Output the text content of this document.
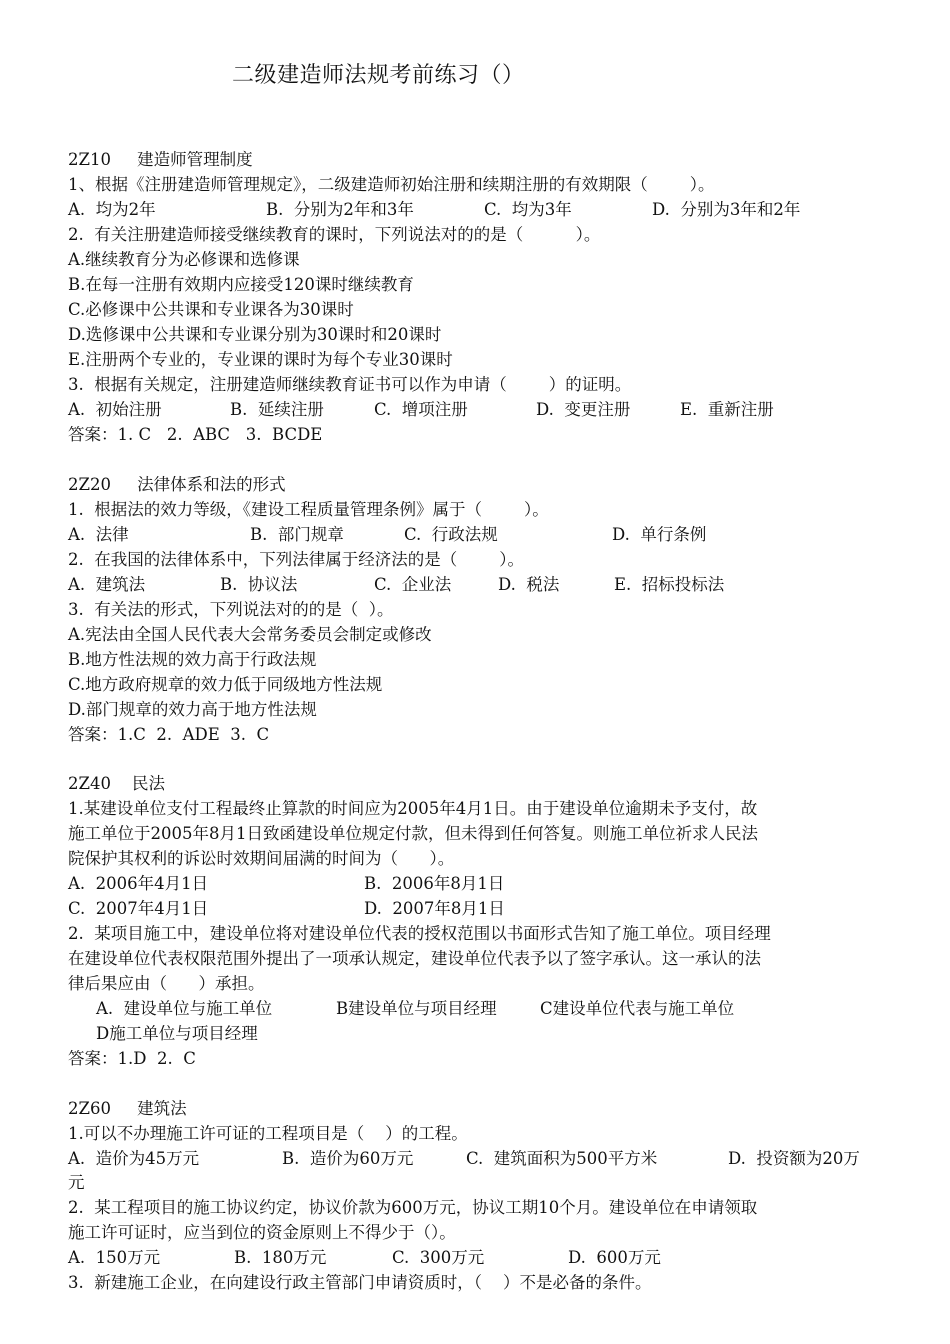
二级建造师法规考前练习（）
2Z10     建造师管理制度
1、根据《注册建造师管理规定》，二级建造师初始注册和续期注册的有效期限（        ）。
A.  均为2年	B.  分别为2年和3年	C.  均为3年	D.  分别为3年和2年
2.  有关注册建造师接受继续教育的课时，下列说法对的的是（          ）。
A.继续教育分为必修课和选修课
B.在每一注册有效期内应接受120课时继续教育
C.必修课中公共课和专业课各为30课时
D.选修课中公共课和专业课分别为30课时和20课时
E.注册两个专业的，专业课的课时为每个专业30课时
3.  根据有关规定，注册建造师继续教育证书可以作为申请（        ）的证明。
A.  初始注册	B.  延续注册	C.  增项注册	D.  变更注册	E.  重新注册
答案：1. C   2.  ABC   3.  BCDE
2Z20     法律体系和法的形式
1.  根据法的效力等级，《建设工程质量管理条例》属于（        ）。
A.  法律	B.  部门规章	C.  行政法规	D.  单行条例
2.  在我国的法律体系中，下列法律属于经济法的是（        ）。
A.  建筑法	B.  协议法	C.  企业法	D.  税法	E.  招标投标法
3.  有关法的形式，下列说法对的的是（  ）。
A.宪法由全国人民代表大会常务委员会制定或修改
B.地方性法规的效力高于行政法规
C.地方政府规章的效力低于同级地方性法规
D.部门规章的效力高于地方性法规
答案：1.C  2.  ADE  3.  C
2Z40    民法
1.某建设单位支付工程最终止算款的时间应为2005年4月1日。由于建设单位逾期未予支付，故
施工单位于2005年8月1日致函建设单位规定付款，但未得到任何答复。则施工单位祈求人民法
院保护其权利的诉讼时效期间届满的时间为（      ）。
A.  2006年4月1日	B.  2006年8月1日
C.  2007年4月1日	D.  2007年8月1日
2.  某项目施工中，建设单位将对建设单位代表的授权范围以书面形式告知了施工单位。项目经理
在建设单位代表权限范围外提出了一项承认规定，建设单位代表予以了签字承认。这一承认的法
律后果应由（      ）承担。
A.  建设单位与施工单位	B建设单位与项目经理	C建设单位代表与施工单位
D施工单位与项目经理
答案：1.D  2.  C
2Z60     建筑法
1.可以不办理施工许可证的工程项目是（    ）的工程。
A.  造价为45万元	B.  造价为60万元	C.  建筑面积为500平方米	D.  投资额为20万
元
2.  某工程项目的施工协议约定，协议价款为600万元，协议工期10个月。建设单位在申请领取
施工许可证时，应当到位的资金原则上不得少于（）。
A.  150万元	B.  180万元	C.  300万元	D.  600万元
3.  新建施工企业，在向建设行政主管部门申请资质时，（    ）不是必备的条件。
